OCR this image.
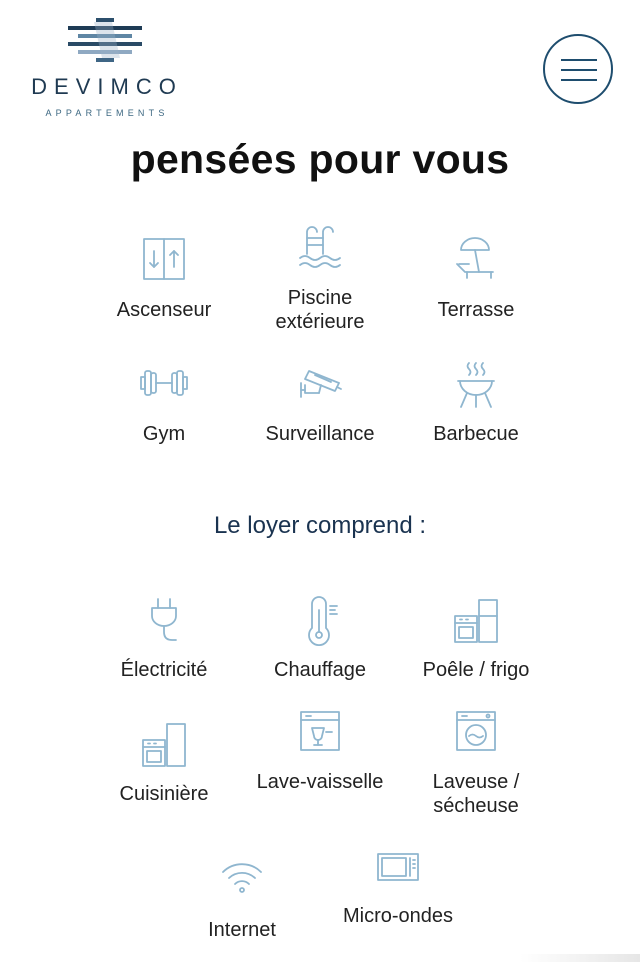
DEVIMCO
APPARTEMENTS
pensées pour vous
Ascenseur
Piscine extérieure
Terrasse
Gym	Surveillance	Barbecue
Le loyer comprend :
Électricité	Chauffage	Poêle / frigo
Cuisinière
Lave-vaisselle	Laveuse / sécheuse
Internet
Micro-ondes
